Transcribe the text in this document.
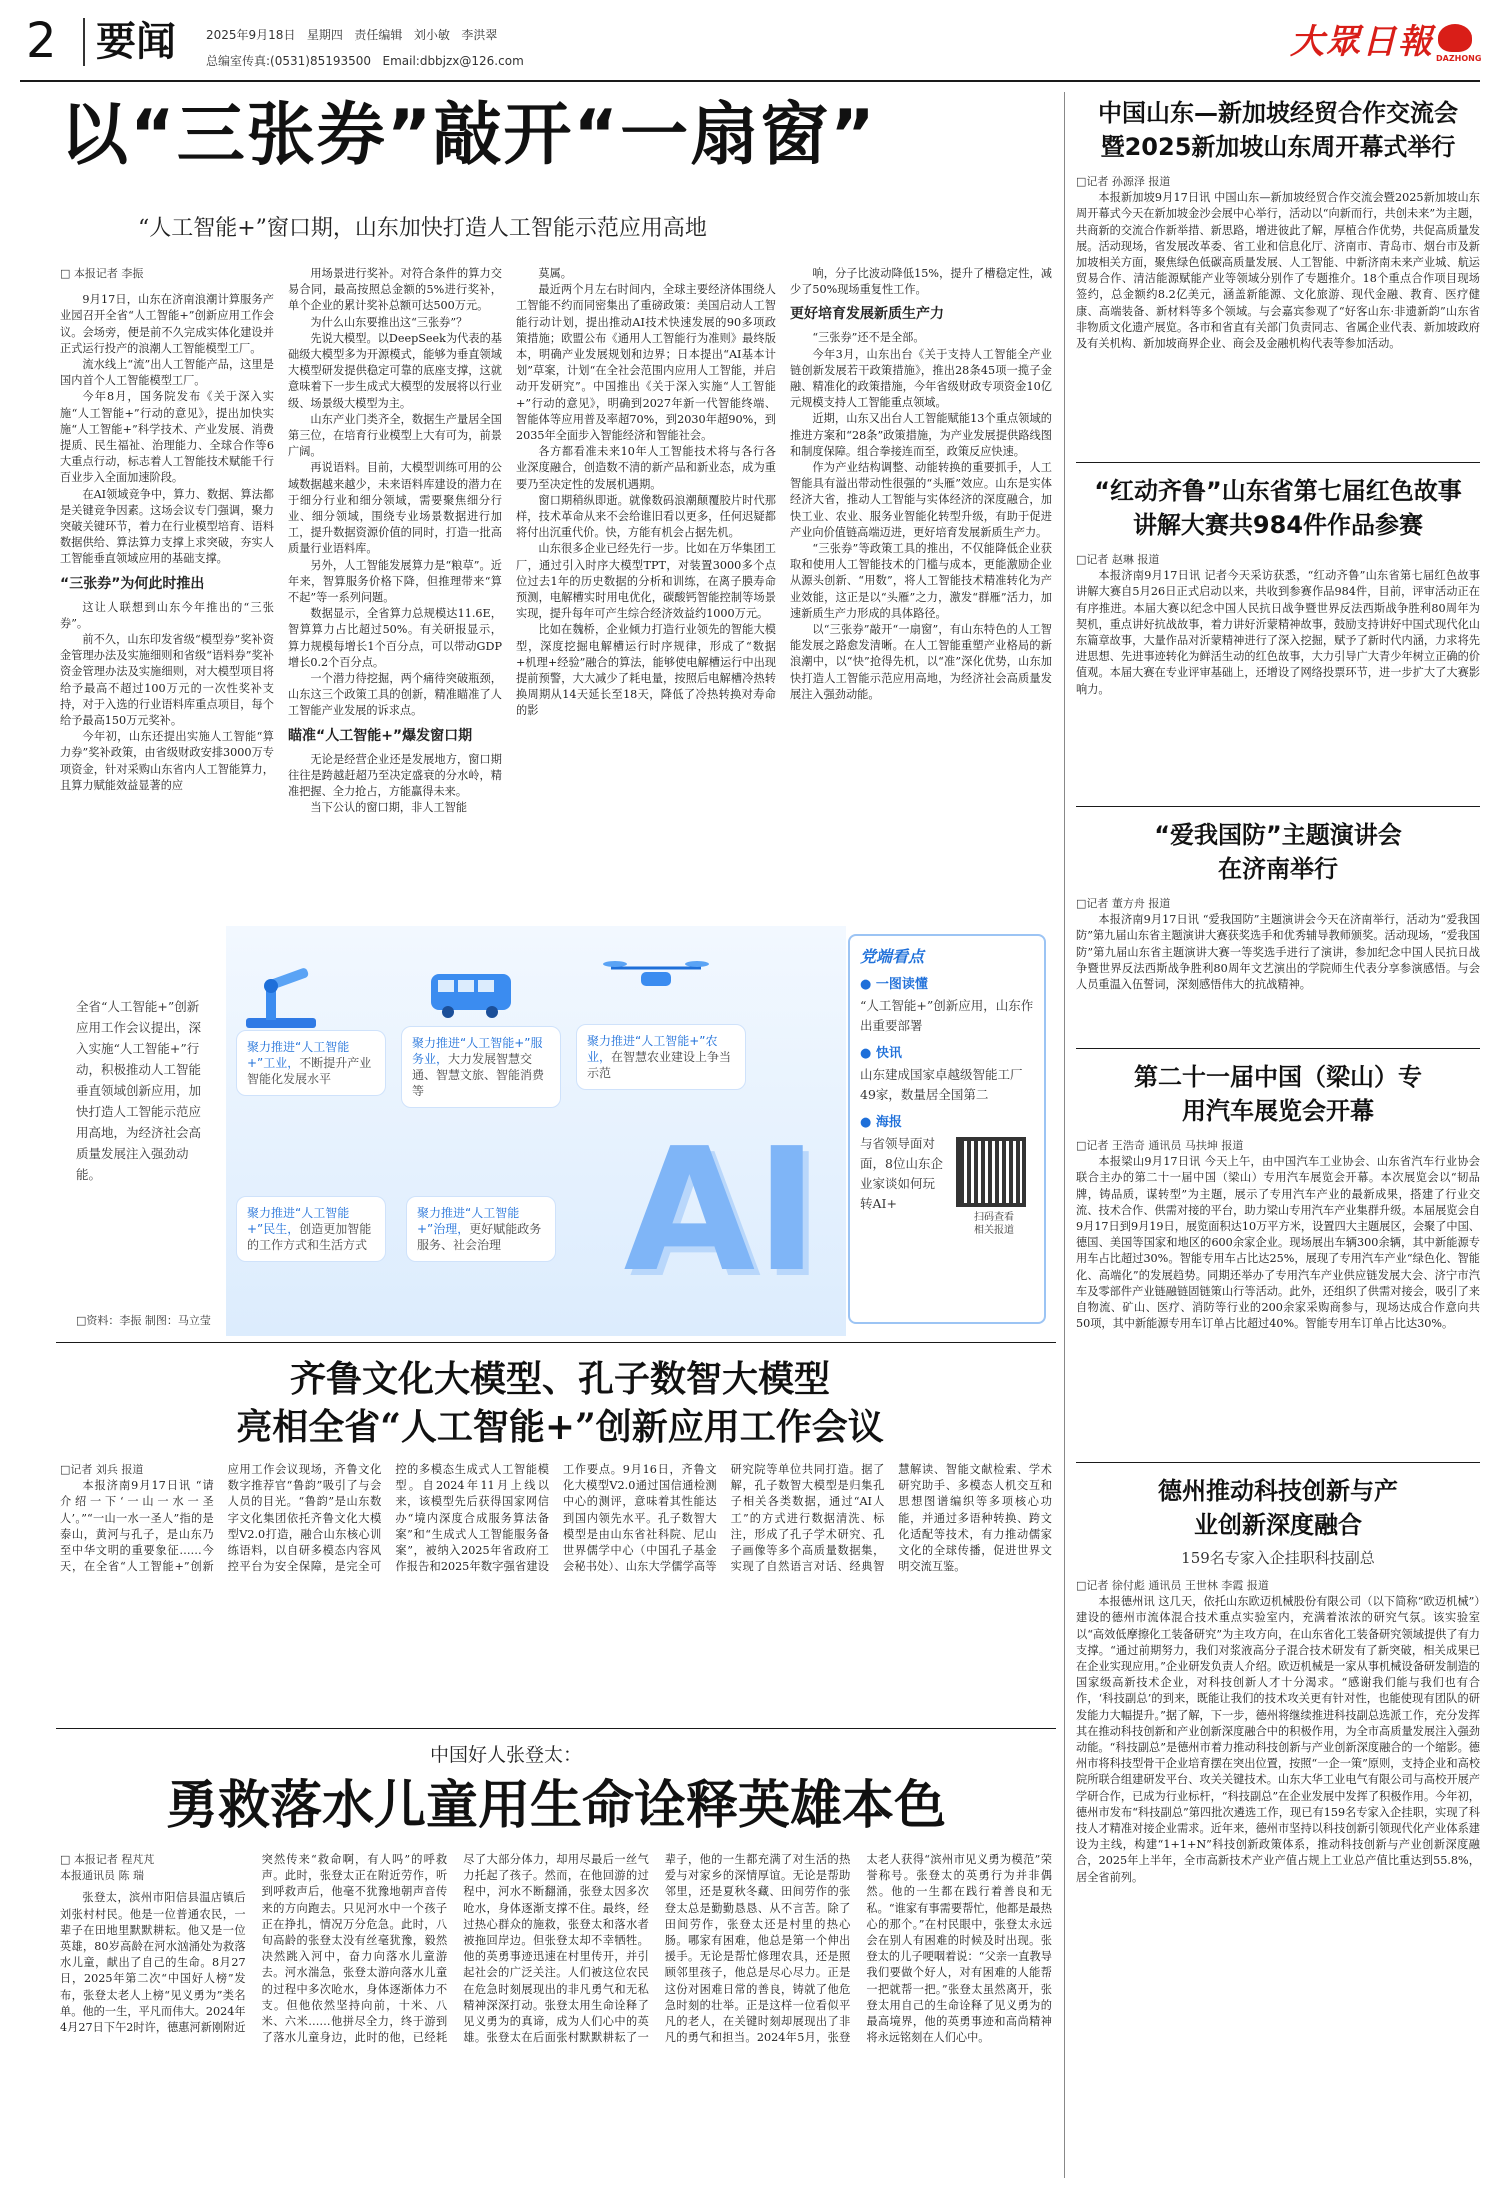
2 要闻	2025年9月18日 星期四 责任编辑 刘小敏 李洪翠
总编室传真:(0531)85193500 Email:dbbjzx@126.com	大眾日報 DAZHONG
以“三张券”敲开“一扇窗”
“人工智能+”窗口期，山东加快打造人工智能示范应用高地

□ 本报记者 李振

9月17日，山东在济南浪潮计算服务产业园召开全省“人工智能+”创新应用工作会议。会场旁，便是前不久完成实体化建设并正式运行投产的浪潮人工智能模型工厂。

流水线上“流”出人工智能产品，这里是国内首个人工智能模型工厂。

今年8月，国务院发布《关于深入实施“人工智能+”行动的意见》，提出加快实施“人工智能+”科学技术、产业发展、消费提质、民生福祉、治理能力、全球合作等6大重点行动，标志着人工智能技术赋能千行百业步入全面加速阶段。

在AI领域竞争中，算力、数据、算法都是关键竞争因素。这场会议专门强调，聚力突破关键环节，着力在行业模型培育、语料数据供给、算法算力支撑上求突破，夯实人工智能垂直领域应用的基础支撑。

“三张券”为何此时推出

这让人联想到山东今年推出的“三张券”。

前不久，山东印发省级“模型券”奖补资金管理办法及实施细则和省级“语料券”奖补资金管理办法及实施细则，对大模型项目将给予最高不超过100万元的一次性奖补支持，对于入选的行业语料库重点项目，每个给予最高150万元奖补。

今年初，山东还提出实施人工智能“算力券”奖补政策，由省级财政安排3000万专项资金，针对采购山东省内人工智能算力，且算力赋能效益显著的应

用场景进行奖补。对符合条件的算力交易合同，最高按照总金额的5%进行奖补，单个企业的累计奖补总额可达500万元。

为什么山东要推出这“三张券”？

先说大模型。以DeepSeek为代表的基础级大模型多为开源模式，能够为垂直领域大模型研发提供稳定可靠的底座支撑，这就意味着下一步生成式大模型的发展将以行业级、场景级大模型为主。

山东产业门类齐全，数据生产量居全国第三位，在培育行业模型上大有可为，前景广阔。

再说语料。目前，大模型训练可用的公域数据越来越少，未来语料库建设的潜力在于细分行业和细分领域，需要聚焦细分行业、细分领域，围绕专业场景数据进行加工，提升数据资源价值的同时，打造一批高质量行业语料库。

另外，人工智能发展算力是“粮草”。近年来，智算服务价格下降，但推理带来“算不起”等一系列问题。

数据显示，全省算力总规模达11.6E，智算算力占比超过50%。有关研报显示，算力规模每增长1个百分点，可以带动GDP增长0.2个百分点。

一个潜力待挖掘，两个痛待突破瓶颈，山东这三个政策工具的创新，精准瞄准了人工智能产业发展的诉求点。

瞄准“人工智能+”爆发窗口期

无论是经营企业还是发展地方，窗口期往往是跨越赶超乃至决定盛衰的分水岭，精准把握、全力抢占，方能赢得未来。

当下公认的窗口期，非人工智能

莫属。

最近两个月左右时间内，全球主要经济体围绕人工智能不约而同密集出了重磅政策：美国启动人工智能行动计划，提出推动AI技术快速发展的90多项政策措施；欧盟公布《通用人工智能行为准则》最终版本，明确产业发展规划和边界；日本提出“AI基本计划”草案，计划“在全社会范围内应用人工智能，并启动开发研究”。中国推出《关于深入实施“人工智能+”行动的意见》，明确到2027年新一代智能终端、智能体等应用普及率超70%，到2030年超90%，到2035年全面步入智能经济和智能社会。

各方都看准未来10年人工智能技术将与各行各业深度融合，创造数不清的新产品和新业态，成为重要乃至决定性的发展机遇期。

窗口期稍纵即逝。就像数码浪潮颠覆胶片时代那样，技术革命从来不会给谁旧看以更多，任何迟疑都将付出沉重代价。快，方能有机会占据先机。

山东很多企业已经先行一步。比如在万华集团工厂，通过引入时序大模型TPT，对装置3000多个点位过去1年的历史数据的分析和训练，在离子膜寿命预测，电解槽实时用电优化，碳酸钙智能控制等场景实现，提升每年可产生综合经济效益约1000万元。

比如在魏桥，企业倾力打造行业领先的智能大模型，深度挖掘电解槽运行时序规律，形成了“数据+机理+经验”融合的算法，能够使电解槽运行中出现提前预警，大大减少了耗电量，按照后电解槽冷热转换周期从14天延长至18天，降低了冷热转换对寿命的影

响，分子比波动降低15%，提升了槽稳定性，减少了50%现场重复性工作。

更好培育发展新质生产力

“三张券”还不是全部。

今年3月，山东出台《关于支持人工智能全产业链创新发展若干政策措施》，推出28条45项一揽子金融、精准化的政策措施，今年省级财政专项资金10亿元规模支持人工智能重点领域。

近期，山东又出台人工智能赋能13个重点领域的推进方案和“28条”政策措施，为产业发展提供路线图和制度保障。组合拳接连而至，政策反应快速。

作为产业结构调整、动能转换的重要抓手，人工智能具有溢出带动性很强的“头雁”效应。山东是实体经济大省，推动人工智能与实体经济的深度融合，加快工业、农业、服务业智能化转型升级，有助于促进产业向价值链高端迈进，更好培育发展新质生产力。

“三张券”等政策工具的推出，不仅能降低企业获取和使用人工智能技术的门槛与成本，更能激励企业从源头创新、“用数”，将人工智能技术精准转化为产业效能，这正是以“头雁”之力，激发“群雁”活力，加速新质生产力形成的具体路径。

以“三张券”敲开“一扇窗”，有山东特色的人工智能发展之路愈发清晰。在人工智能重塑产业格局的新浪潮中，以“快”抢得先机，以“准”深化优势，山东加快打造人工智能示范应用高地，为经济社会高质量发展注入强劲动能。

全省“人工智能+”创新应用工作会议提出，深入实施“人工智能+”行动，积极推动人工智能垂直领域创新应用，加快打造人工智能示范应用高地，为经济社会高质量发展注入强劲动能。
聚力推进“人工智能+”工业，不断提升产业智能化发展水平
聚力推进“人工智能+”服务业，大力发展智慧交通、智慧文旅、智能消费等
聚力推进“人工智能+”农业，在智慧农业建设上争当示范
聚力推进“人工智能+”民生，创造更加智能的工作方式和生活方式
聚力推进“人工智能+”治理，更好赋能政务服务、社会治理 AI
□资料：李振 制图：马立莹
党端看点
● 一图读懂
“人工智能+”创新应用，山东作出重要部署
● 快讯
山东建成国家卓越级智能工厂49家，数量居全国第二
● 海报
与省领导面对面，8位山东企业家谈如何玩转AI+
扫码查看
相关报道
齐鲁文化大模型、孔子数智大模型
亮相全省“人工智能+”创新应用工作会议

□记者 刘兵 报道

本报济南9月17日讯 “请介绍一下‘一山一水一圣人’。”“一山一水一圣人”指的是泰山，黄河与孔子，是山东乃至中华文明的重要象征……今天，在全省“人工智能+”创新应用工作会议现场，齐鲁文化数字推荐官“鲁韵”吸引了与会人员的目光。“鲁韵”是山东数字文化集团依托齐鲁文化大模型V2.0打造，融合山东核心训练语料，以自研多模态内容风控平台为安全保障，是完全可控的多模态生成式人工智能模型。自2024年11月上线以来，该模型先后获得国家网信办“境内深度合成服务算法备案”和“生成式人工智能服务备案”，被纳入2025年省政府工作报告和2025年数字强省建设工作要点。9月16日，齐鲁文化大模型V2.0通过国信通检测中心的测评，意味着其性能达到国内领先水平。孔子数智大模型是由山东省社科院、尼山世界儒学中心（中国孔子基金会秘书处）、山东大学儒学高等研究院等单位共同打造。据了解，孔子数智大模型是归集孔子相关各类数据，通过“AI人工”的方式进行数据清洗、标注，形成了孔子学术研究、孔子画像等多个高质量数据集，实现了自然语言对话、经典智慧解读、智能文献检索、学术研究助手、多模态人机交互和思想图谱编织等多项核心功能，并通过多语种转换、跨文化适配等技术，有力推动儒家文化的全球传播，促进世界文明交流互鉴。

中国好人张登太：
勇救落水儿童用生命诠释英雄本色

□ 本报记者 程芃芃

本报通讯员 陈 瑞

张登太，滨州市阳信县温店镇后刘张村村民。他是一位普通农民，一辈子在田地里默默耕耘。他又是一位英雄，80岁高龄在河水汹涌处为救落水儿童，献出了自己的生命。8月27日，2025年第二次“中国好人榜”发布，张登太老人上榜“见义勇为”类名单。他的一生，平凡而伟大。2024年4月27日下午2时许，德惠河新刚附近突然传来“救命啊，有人吗”的呼救声。此时，张登太正在附近劳作，听到呼救声后，他毫不犹豫地朝声音传来的方向跑去。只见河水中一个孩子正在挣扎，情况万分危急。此时，八旬高龄的张登太没有丝毫犹豫，毅然决然跳入河中，奋力向落水儿童游去。河水湍急，张登太游向落水儿童的过程中多次呛水，身体逐渐体力不支。但他依然坚持向前，十米、八米、六米……他拼尽全力，终于游到了落水儿童身边，此时的他，已经耗尽了大部分体力，却用尽最后一丝气力托起了孩子。然而，在他回游的过程中，河水不断翻涌，张登太因多次呛水，身体逐渐支撑不住。最终，经过热心群众的施救，张登太和落水者被拖回岸边。但张登太却不幸牺牲。他的英勇事迹迅速在村里传开，并引起社会的广泛关注。人们被这位农民在危急时刻展现出的非凡勇气和无私精神深深打动。张登太用生命诠释了见义勇为的真谛，成为人们心中的英雄。张登太在后面张村默默耕耘了一辈子，他的一生都充满了对生活的热爱与对家乡的深情厚谊。无论是帮助邻里，还是夏秋冬藏、田间劳作的张登太总是勤勤恳恳、从不言苦。除了田间劳作，张登太还是村里的热心肠。哪家有困难，他总是第一个伸出援手。无论是帮忙修理农具，还是照顾邻里孩子，他总是尽心尽力。正是这份对困难日常的善良，铸就了他危急时刻的壮举。正是这样一位看似平凡的老人，在关键时刻却展现出了非凡的勇气和担当。2024年5月，张登太老人获得“滨州市见义勇为模范”荣誉称号。张登太的英勇行为并非偶然。他的一生都在践行着善良和无私。“谁家有事需要帮忙，他都是最热心的那个。”在村民眼中，张登太永远会在别人有困难的时候及时出现。张登太的儿子哽咽着说：“父亲一直教导我们要做个好人，对有困难的人能帮一把就帮一把。”张登太虽然离开，张登太用自己的生命诠释了见义勇为的最高境界，他的英勇事迹和高尚精神将永远铭刻在人们心中。

中国山东—新加坡经贸合作交流会暨2025新加坡山东周开幕式举行

□记者 孙源泽 报道

本报新加坡9月17日讯 中国山东—新加坡经贸合作交流会暨2025新加坡山东周开幕式今天在新加坡金沙会展中心举行，活动以“向新而行，共创未来”为主题，共商新的交流合作新举措、新思路，增进彼此了解，厚植合作优势，共促高质量发展。活动现场，省发展改革委、省工业和信息化厅、济南市、青岛市、烟台市及新加坡相关方面，聚焦绿色低碳高质量发展、人工智能、中新济南未来产业城、航运贸易合作、清洁能源赋能产业等领域分别作了专题推介。18个重点合作项目现场签约，总金额约8.2亿美元，涵盖新能源、文化旅游、现代金融、教育、医疗健康、高端装备、新材料等多个领域。与会嘉宾参观了“好客山东·非遗新韵”山东省非物质文化遗产展览。各市和省直有关部门负责同志、省属企业代表、新加坡政府及有关机构、新加坡商界企业、商会及金融机构代表等参加活动。

“红动齐鲁”山东省第七届红色故事讲解大赛共984件作品参赛

□记者 赵琳 报道

本报济南9月17日讯 记者今天采访获悉，“红动齐鲁”山东省第七届红色故事讲解大赛自5月26日正式启动以来，共收到参赛作品984件，目前，评审活动正在有序推进。本届大赛以纪念中国人民抗日战争暨世界反法西斯战争胜利80周年为契机，重点讲好抗战故事，着力讲好沂蒙精神故事，鼓励支持讲好中国式现代化山东篇章故事，大量作品对沂蒙精神进行了深入挖掘，赋予了新时代内涵，力求将先进思想、先进事迹转化为鲜活生动的红色故事，大力引导广大青少年树立正确的价值观。本届大赛在专业评审基础上，还增设了网络投票环节，进一步扩大了大赛影响力。

“爱我国防”主题演讲会在济南举行

□记者 董方舟 报道

本报济南9月17日讯 “爱我国防”主题演讲会今天在济南举行，活动为“爱我国防”第九届山东省主题演讲大赛获奖选手和优秀辅导教师颁奖。活动现场，“爱我国防”第九届山东省主题演讲大赛一等奖选手进行了演讲，参加纪念中国人民抗日战争暨世界反法西斯战争胜利80周年文艺演出的学院师生代表分享参演感悟。与会人员重温入伍誓词，深刻感悟伟大的抗战精神。

第二十一届中国（梁山）专用汽车展览会开幕

□记者 王浩奇 通讯员 马扶坤 报道

本报梁山9月17日讯 今天上午，由中国汽车工业协会、山东省汽车行业协会联合主办的第二十一届中国（梁山）专用汽车展览会开幕。本次展览会以“韧品牌，铸品质，谋转型”为主题，展示了专用汽车产业的最新成果，搭建了行业交流、技术合作、供需对接的平台，助力梁山专用汽车产业集群升级。本届展览会自9月17日到9月19日，展览面积达10万平方米，设置四大主题展区，会聚了中国、德国、美国等国家和地区的600余家企业。现场展出车辆300余辆，其中新能源专用车占比超过30%。智能专用车占比达25%，展现了专用汽车产业“绿色化、智能化、高端化”的发展趋势。同期还举办了专用汽车产业供应链发展大会、济宁市汽车及零部件产业链融链固链策山行等活动。此外，还组织了供需对接会，吸引了来自物流、矿山、医疗、消防等行业的200余家采购商参与，现场达成合作意向共50项，其中新能源专用车订单占比超过40%。智能专用车订单占比达30%。

德州推动科技创新与产业创新深度融合
159名专家入企挂职科技副总

□记者 徐付彪 通讯员 王世林 李霞 报道

本报德州讯 这几天，依托山东欧迈机械股份有限公司（以下简称“欧迈机械”）建设的德州市流体混合技术重点实验室内，充满着浓浓的研究气氛。该实验室以“高效低摩擦化工装备研究”为主攻方向，在山东省化工装备研究领域提供了有力支撑。“通过前期努力，我们对浆液高分子混合技术研发有了新突破，相关成果已在企业实现应用。”企业研发负责人介绍。欧迈机械是一家从事机械设备研发制造的国家级高新技术企业，对科技创新人才十分渴求。“感谢我们能与我们也有合作，‘科技副总’的到来，既能让我们的技术攻关更有针对性，也能使现有团队的研发能力大幅提升。”据了解，下一步，德州将继续推进科技副总选派工作，充分发挥其在推动科技创新和产业创新深度融合中的积极作用，为全市高质量发展注入强劲动能。“科技副总”是德州市着力推动科技创新与产业创新深度融合的一个缩影。德州市将科技型骨干企业培育摆在突出位置，按照“一企一策”原则，支持企业和高校院所联合组建研发平台、攻关关键技术。山东大华工业电气有限公司与高校开展产学研合作，已成为行业标杆，“科技副总”在企业发展中发挥了积极作用。今年初，德州市发布“科技副总”第四批次遴选工作，现已有159名专家入企挂职，实现了科技人才精准对接企业需求。近年来，德州市坚持以科技创新引领现代化产业体系建设为主线，构建“1+1+N”科技创新政策体系，推动科技创新与产业创新深度融合，2025年上半年，全市高新技术产业产值占规上工业总产值比重达到55.8%，居全省前列。
